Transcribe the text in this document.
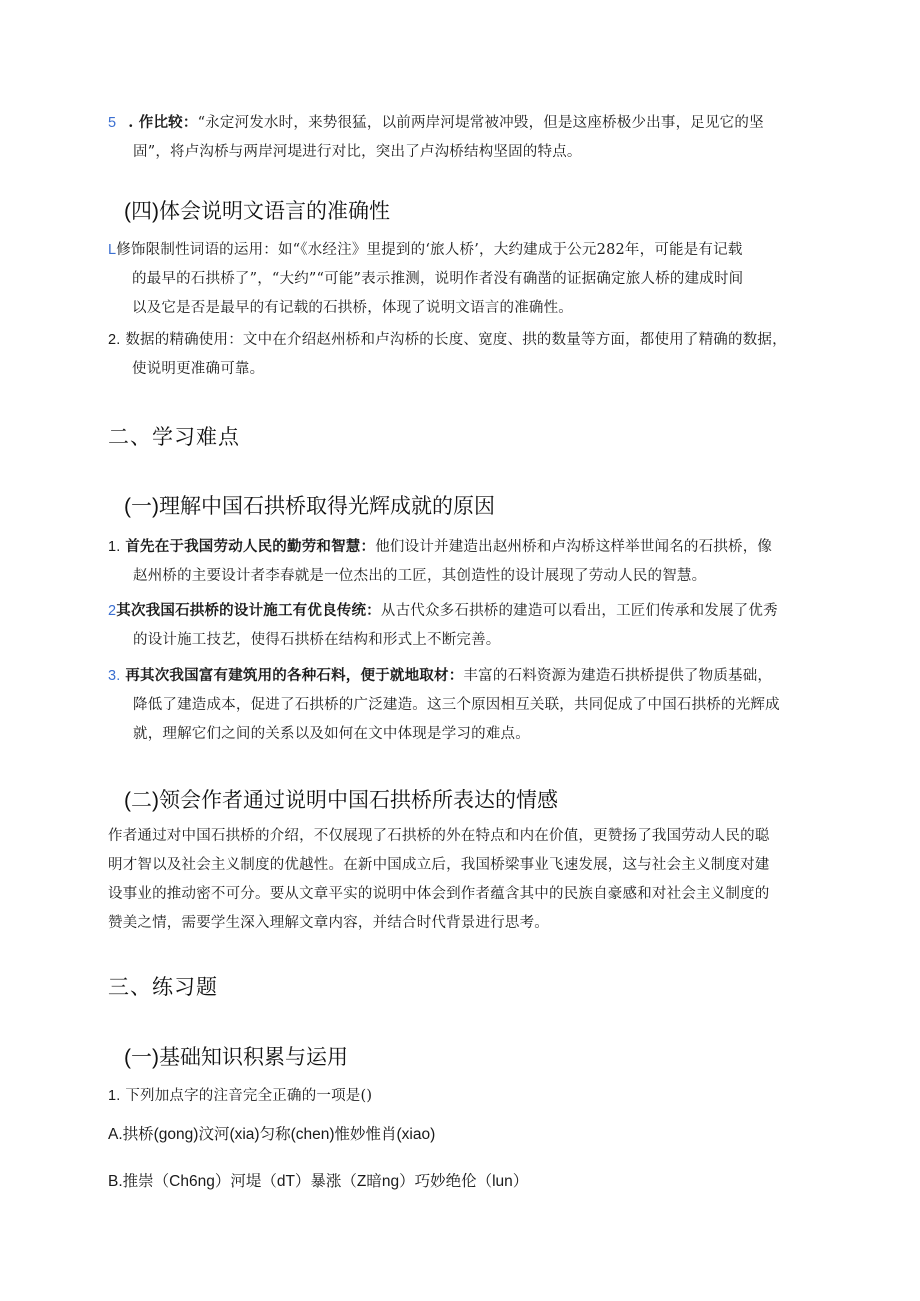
5 . 作比较：“永定河发水时，来势很猛，以前两岸河堤常被冲毁，但是这座桥极少出事，足见它的坚
固”，将卢沟桥与两岸河堤进行对比，突出了卢沟桥结构坚固的特点。
(四)体会说明文语言的准确性
L修饰限制性词语的运用：如“《水经注》里提到的‘旅人桥’，大约建成于公元282年，可能是有记载
的最早的石拱桥了”，“大约”“可能”表示推测，说明作者没有确凿的证据确定旅人桥的建成时间
以及它是否是最早的有记载的石拱桥，体现了说明文语言的准确性。
2. 数据的精确使用：文中在介绍赵州桥和卢沟桥的长度、宽度、拱的数量等方面，都使用了精确的数据，
使说明更准确可靠。
二、学习难点
(一)理解中国石拱桥取得光辉成就的原因
1. 首先在于我国劳动人民的勤劳和智慧：他们设计并建造出赵州桥和卢沟桥这样举世闻名的石拱桥，像
赵州桥的主要设计者李春就是一位杰出的工匠，其创造性的设计展现了劳动人民的智慧。
2其次我国石拱桥的设计施工有优良传统：从古代众多石拱桥的建造可以看出，工匠们传承和发展了优秀
的设计施工技艺，使得石拱桥在结构和形式上不断完善。
3. 再其次我国富有建筑用的各种石料，便于就地取材：丰富的石料资源为建造石拱桥提供了物质基础，
降低了建造成本，促进了石拱桥的广泛建造。这三个原因相互关联，共同促成了中国石拱桥的光辉成
就，理解它们之间的关系以及如何在文中体现是学习的难点。
(二)领会作者通过说明中国石拱桥所表达的情感
作者通过对中国石拱桥的介绍，不仅展现了石拱桥的外在特点和内在价值，更赞扬了我国劳动人民的聪
明才智以及社会主义制度的优越性。在新中国成立后，我国桥梁事业飞速发展，这与社会主义制度对建
设事业的推动密不可分。要从文章平实的说明中体会到作者蕴含其中的民族自豪感和对社会主义制度的
赞美之情，需要学生深入理解文章内容，并结合时代背景进行思考。
三、练习题
(一)基础知识积累与运用
1. 下列加点字的注音完全正确的一项是()
A.拱桥(gong)汶河(xia)匀称(chen)惟妙惟肖(xiao)
B.推崇（Ch6ng）河堤（dT）暴涨（Z暗ng）巧妙绝伦（lun）
